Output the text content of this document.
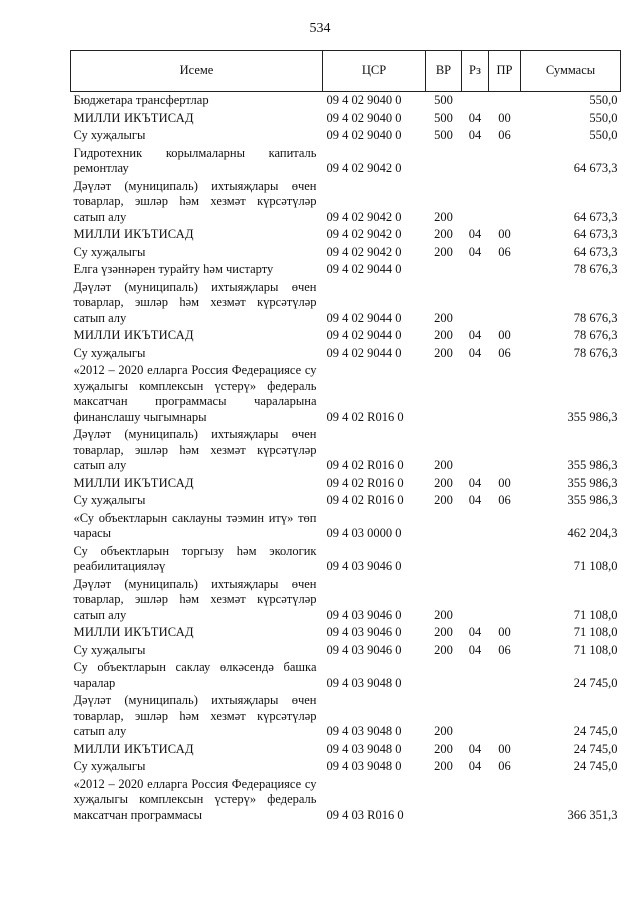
534
Исеме	ЦСР	ВР	Рз	ПР	Суммасы
Бюджетара трансфертлар	09 4 02 9040 0	500			550,0
МИЛЛИ ИКЪТИСАД	09 4 02 9040 0	500	04	00	550,0
Су хуҗалыгы	09 4 02 9040 0	500	04	06	550,0
Гидротехник корылмаларны капиталь ремонтлау	09 4 02 9042 0				64 673,3
Дәүләт (муниципаль) ихтыяҗлары өчен товарлар, эшләр һәм хезмәт күрсәтүләр сатып алу	09 4 02 9042 0	200			64 673,3
МИЛЛИ ИКЪТИСАД	09 4 02 9042 0	200	04	00	64 673,3
Су хуҗалыгы	09 4 02 9042 0	200	04	06	64 673,3
Елга үзәннәрен турайту һәм чистарту	09 4 02 9044 0				78 676,3
Дәүләт (муниципаль) ихтыяҗлары өчен товарлар, эшләр һәм хезмәт күрсәтүләр сатып алу	09 4 02 9044 0	200			78 676,3
МИЛЛИ ИКЪТИСАД	09 4 02 9044 0	200	04	00	78 676,3
Су хуҗалыгы	09 4 02 9044 0	200	04	06	78 676,3
«2012 – 2020 елларга Россия Федерациясе су хуҗалыгы комплексын үстерү» федераль максатчан программасы чараларына финанслашу чыгымнары	09 4 02 R016 0				355 986,3
Дәүләт (муниципаль) ихтыяҗлары өчен товарлар, эшләр һәм хезмәт күрсәтүләр сатып алу	09 4 02 R016 0	200			355 986,3
МИЛЛИ ИКЪТИСАД	09 4 02 R016 0	200	04	00	355 986,3
Су хуҗалыгы	09 4 02 R016 0	200	04	06	355 986,3
«Су объектларын саклауны тәэмин итү» төп чарасы	09 4 03 0000 0				462 204,3
Су объектларын торгызу һәм экологик реабилитацияләү	09 4 03 9046 0				71 108,0
Дәүләт (муниципаль) ихтыяҗлары өчен товарлар, эшләр һәм хезмәт күрсәтүләр сатып алу	09 4 03 9046 0	200			71 108,0
МИЛЛИ ИКЪТИСАД	09 4 03 9046 0	200	04	00	71 108,0
Су хуҗалыгы	09 4 03 9046 0	200	04	06	71 108,0
Су объектларын саклау өлкәсендә башка чаралар	09 4 03 9048 0				24 745,0
Дәүләт (муниципаль) ихтыяҗлары өчен товарлар, эшләр һәм хезмәт күрсәтүләр сатып алу	09 4 03 9048 0	200			24 745,0
МИЛЛИ ИКЪТИСАД	09 4 03 9048 0	200	04	00	24 745,0
Су хуҗалыгы	09 4 03 9048 0	200	04	06	24 745,0
«2012 – 2020 елларга Россия Федерациясе су хуҗалыгы комплексын үстерү» федераль максатчан программасы	09 4 03 R016 0				366 351,3
